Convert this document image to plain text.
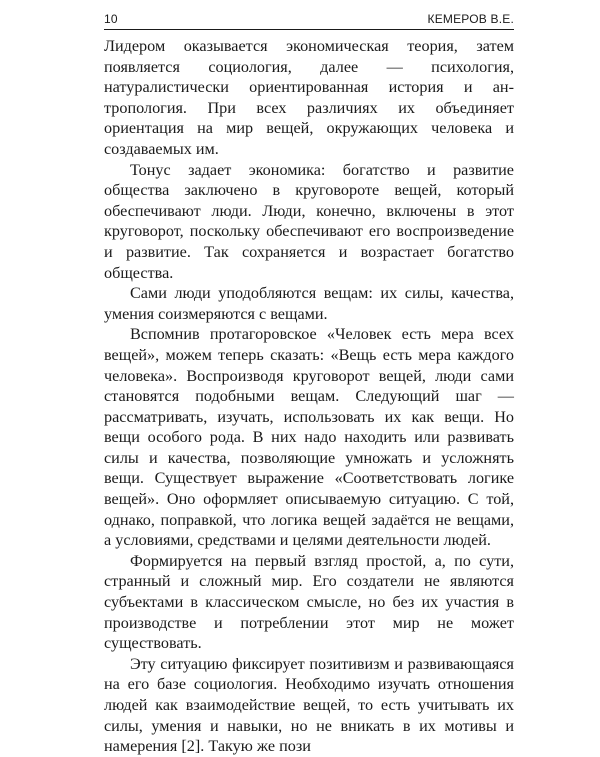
10	КЕМЕРОВ В.Е.

Лидером оказывается экономическая теория, затем появляется социология, далее — психология, натуралистически ориентированная история и антропология. При всех различиях их объединяет ориентация на мир вещей, окружающих человека и создаваемых им.

Тонус задает экономика: богатство и развитие общества заключено в круговороте вещей, который обеспечивают люди. Люди, конечно, включены в этот круговорот, поскольку обеспечивают его воспроизведение и развитие. Так сохраняется и возрастает богатство общества.

Сами люди уподобляются вещам: их силы, качества, умения соизмеряются с вещами.

Вспомнив протагоровское «Человек есть мера всех вещей», можем теперь сказать: «Вещь есть мера каждого человека». Воспроизводя круговорот вещей, люди сами становятся подобными вещам. Следующий шаг — рассматривать, изучать, использовать их как вещи. Но вещи особого рода. В них надо находить или развивать силы и качества, позволяющие умножать и усложнять вещи. Существует выражение «Соответствовать логике вещей». Оно оформляет описываемую ситуацию. С той, однако, поправкой, что логика вещей задаётся не вещами, а условиями, средствами и целями деятельности людей.

Формируется на первый взгляд простой, а, по сути, странный и сложный мир. Его создатели не являются субъектами в классическом смысле, но без их участия в производстве и потреблении этот мир не может существовать.

Эту ситуацию фиксирует позитивизм и развивающаяся на его базе социология. Необходимо изучать отношения людей как взаимодействие вещей, то есть учитывать их силы, умения и навыки, но не вникать в их мотивы и намерения [2]. Такую же пози
